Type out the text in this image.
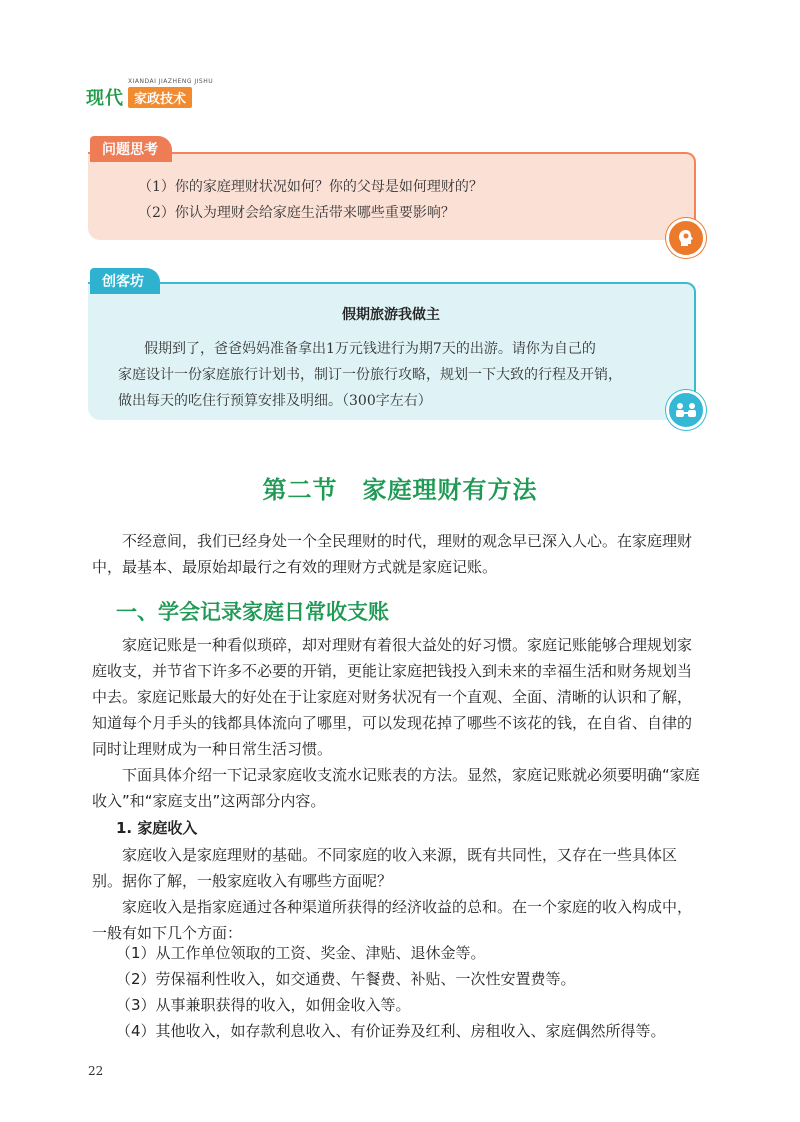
现代
XIANDAI JIAZHENG JISHU
家政技术
（1）你的家庭理财状况如何？你的父母是如何理财的？
（2）你认为理财会给家庭生活带来哪些重要影响？
问题思考
假期旅游我做主
假期到了，爸爸妈妈准备拿出1万元钱进行为期7天的出游。请你为自己的
家庭设计一份家庭旅行计划书，制订一份旅行攻略，规划一下大致的行程及开销，
做出每天的吃住行预算安排及明细。（300字左右）
创客坊
第二节　家庭理财有方法
不经意间，我们已经身处一个全民理财的时代，理财的观念早已深入人心。在家庭理财中，最基本、最原始却最行之有效的理财方式就是家庭记账。
一、学会记录家庭日常收支账
家庭记账是一种看似琐碎，却对理财有着很大益处的好习惯。家庭记账能够合理规划家庭收支，并节省下许多不必要的开销，更能让家庭把钱投入到未来的幸福生活和财务规划当中去。家庭记账最大的好处在于让家庭对财务状况有一个直观、全面、清晰的认识和了解，知道每个月手头的钱都具体流向了哪里，可以发现花掉了哪些不该花的钱，在自省、自律的同时让理财成为一种日常生活习惯。
下面具体介绍一下记录家庭收支流水记账表的方法。显然，家庭记账就必须要明确“家庭收入”和“家庭支出”这两部分内容。
1. 家庭收入
家庭收入是家庭理财的基础。不同家庭的收入来源，既有共同性，又存在一些具体区别。据你了解，一般家庭收入有哪些方面呢？
家庭收入是指家庭通过各种渠道所获得的经济收益的总和。在一个家庭的收入构成中，一般有如下几个方面：
（1）从工作单位领取的工资、奖金、津贴、退休金等。
（2）劳保福利性收入，如交通费、午餐费、补贴、一次性安置费等。
（3）从事兼职获得的收入，如佣金收入等。
（4）其他收入，如存款利息收入、有价证券及红利、房租收入、家庭偶然所得等。
22
